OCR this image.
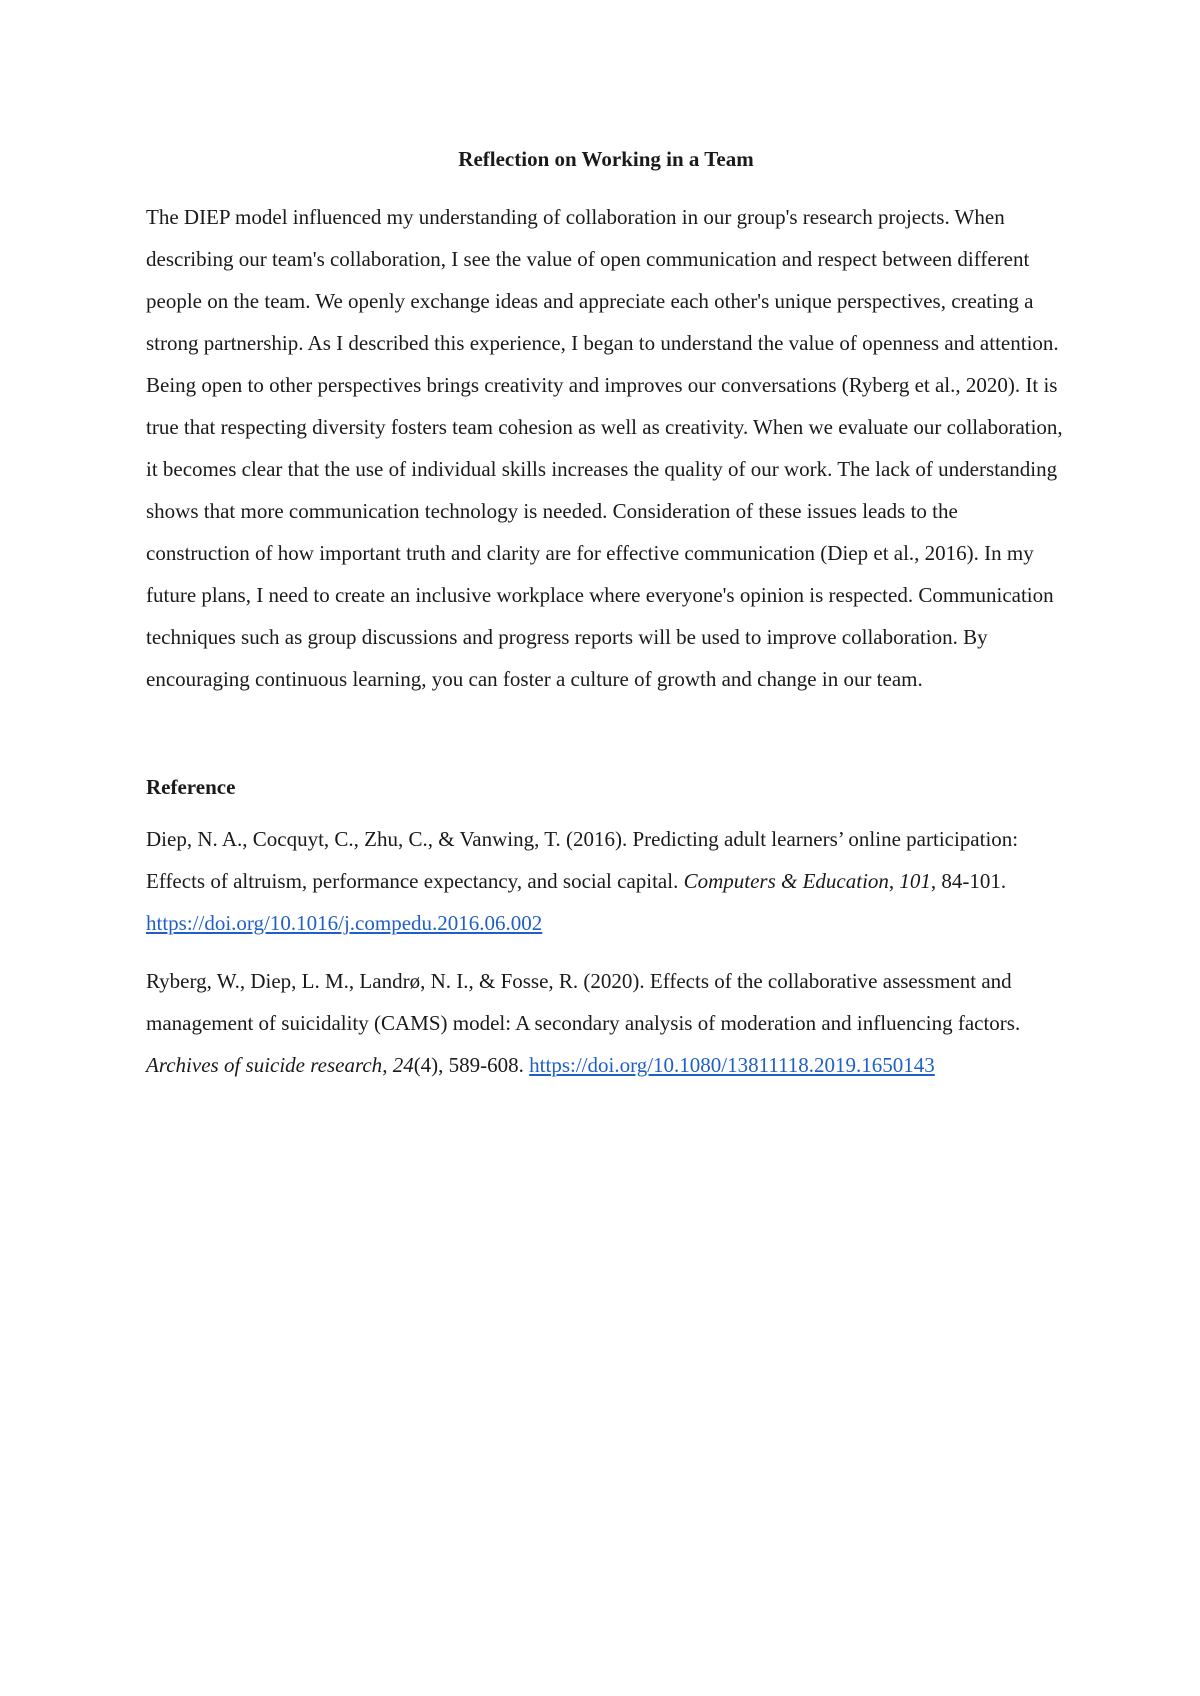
Reflection on Working in a Team

The DIEP model influenced my understanding of collaboration in our group's research projects. When describing our team's collaboration, I see the value of open communication and respect between different people on the team. We openly exchange ideas and appreciate each other's unique perspectives, creating a strong partnership. As I described this experience, I began to understand the value of openness and attention. Being open to other perspectives brings creativity and improves our conversations (Ryberg et al., 2020). It is true that respecting diversity fosters team cohesion as well as creativity. When we evaluate our collaboration, it becomes clear that the use of individual skills increases the quality of our work. The lack of understanding shows that more communication technology is needed. Consideration of these issues leads to the construction of how important truth and clarity are for effective communication (Diep et al., 2016). In my future plans, I need to create an inclusive workplace where everyone's opinion is respected. Communication techniques such as group discussions and progress reports will be used to improve collaboration. By encouraging continuous learning, you can foster a culture of growth and change in our team.

Reference

Diep, N. A., Cocquyt, C., Zhu, C., & Vanwing, T. (2016). Predicting adult learners’ online participation: Effects of altruism, performance expectancy, and social capital. Computers & Education, 101, 84-101. https://doi.org/10.1016/j.compedu.2016.06.002

Ryberg, W., Diep, L. M., Landrø, N. I., & Fosse, R. (2020). Effects of the collaborative assessment and management of suicidality (CAMS) model: A secondary analysis of moderation and influencing factors. Archives of suicide research, 24(4), 589-608. https://doi.org/10.1080/13811118.2019.1650143
